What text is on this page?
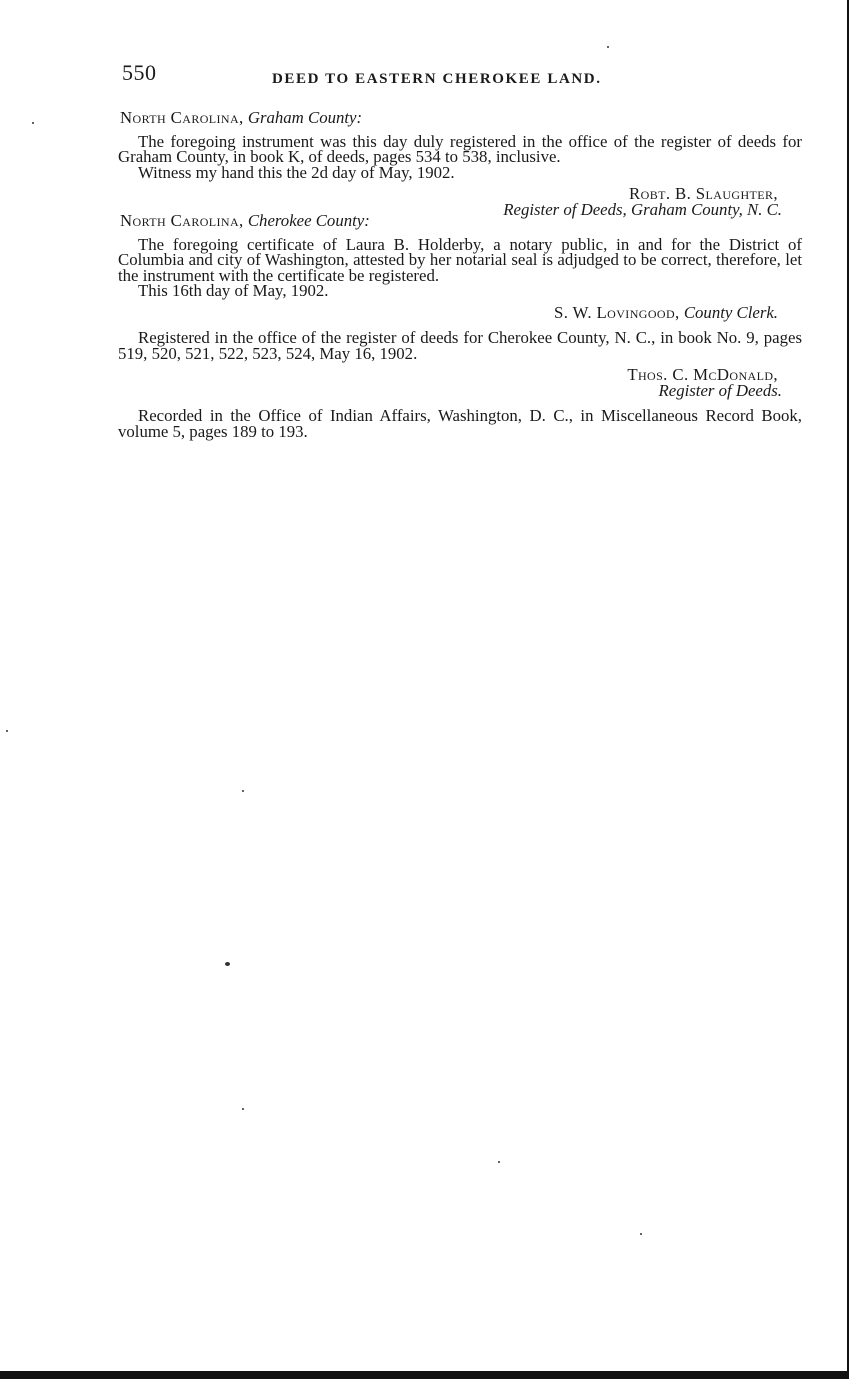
550	DEED TO EASTERN CHEROKEE LAND.
North Carolina, Graham County:

The foregoing instrument was this day duly registered in the office of the register of deeds for Graham County, in book K, of deeds, pages 534 to 538, inclusive.

Witness my hand this the 2d day of May, 1902.

Robt. B. Slaughter,

Register of Deeds, Graham County, N. C.

North Carolina, Cherokee County:

The foregoing certificate of Laura B. Holderby, a notary public, in and for the District of Columbia and city of Washington, attested by her notarial seal is adjudged to be correct, therefore, let the instrument with the certificate be registered.

This 16th day of May, 1902.

S. W. Lovingood, County Clerk.

Registered in the office of the register of deeds for Cherokee County, N. C., in book No. 9, pages 519, 520, 521, 522, 523, 524, May 16, 1902.

Thos. C. McDonald,

Register of Deeds.

Recorded in the Office of Indian Affairs, Washington, D. C., in Miscellaneous Record Book, volume 5, pages 189 to 193.
